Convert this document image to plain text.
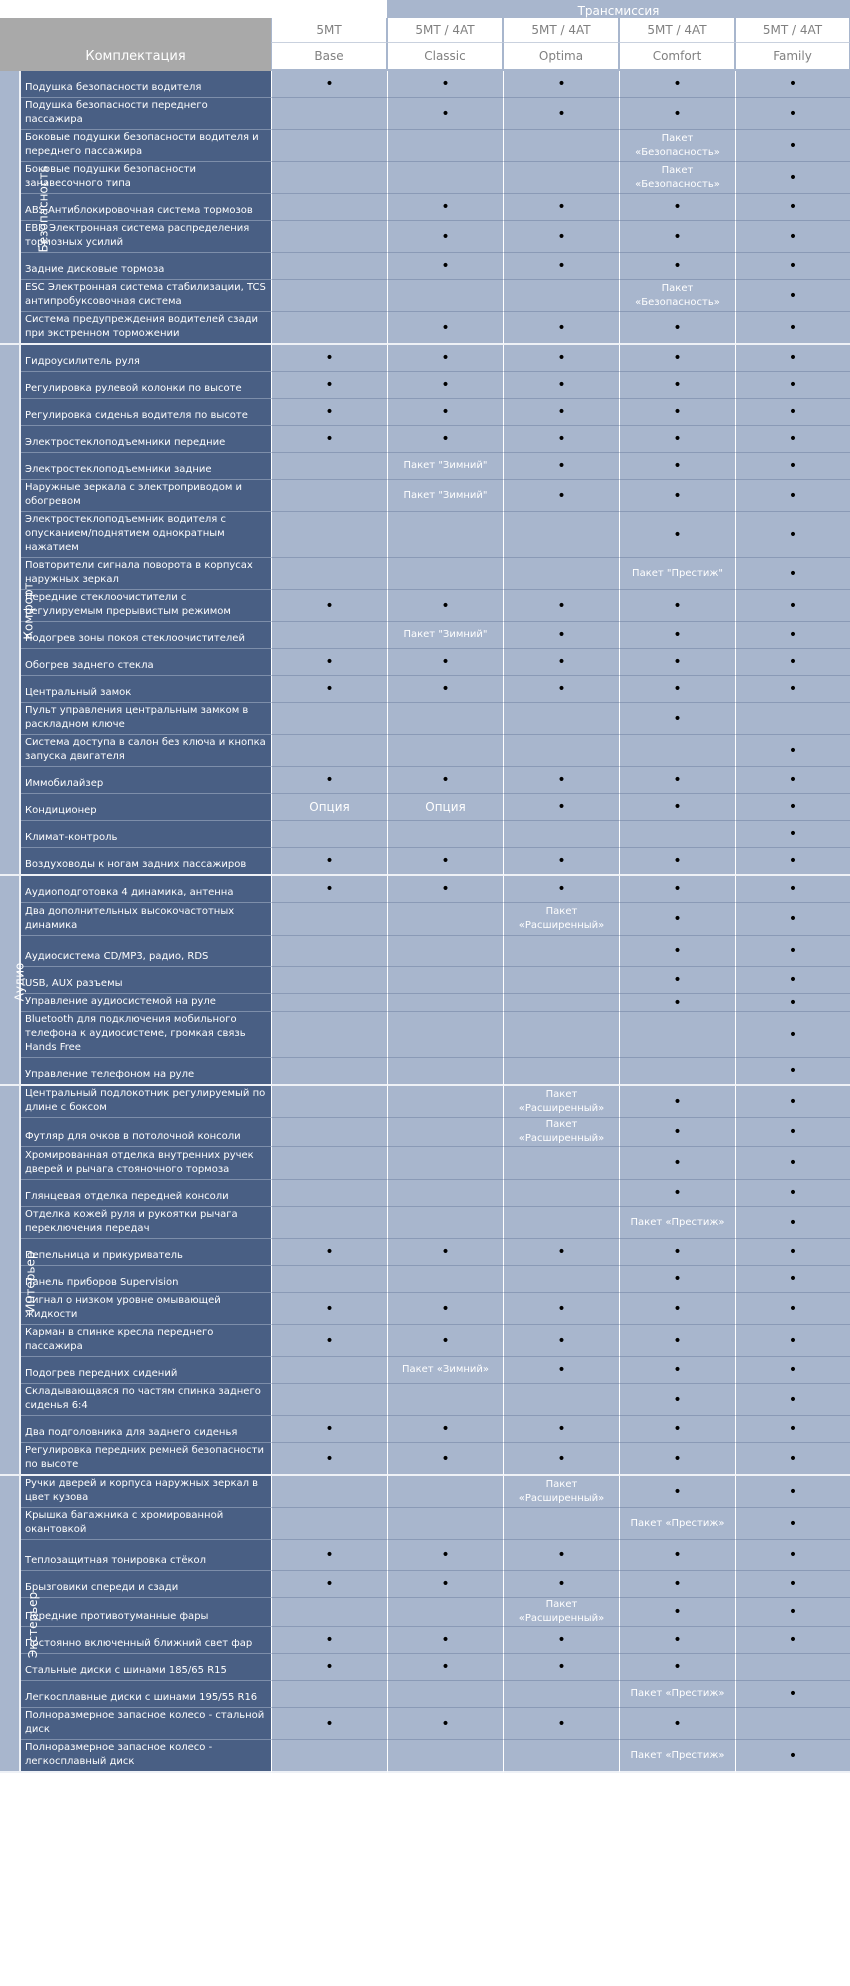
			Трансмиссия			
Комплектация		5MT	5MT / 4AT	5MT / 4AT	5MT / 4AT	5MT / 4AT
		Base	Classic	Optima	Comfort	Family
Безопасность	Подушка безопасности водителя	•	•	•	•	•
	Подушка безопасности переднего пассажира		•	•	•	•
	Боковые подушки безопасности водителя и переднего пассажира				Пакет «Безопасность»	•
	Боковые подушки безопасности занавесочного типа				Пакет «Безопасность»	•
	ABS Антиблокировочная система тормозов		•	•	•	•
	EBD Электронная система распределения тормозных усилий		•	•	•	•
	Задние дисковые тормоза		•	•	•	•
	ESC Электронная система стабилизации, TCS антипробуксовочная система				Пакет «Безопасность»	•
	Система предупреждения водителей сзади при экстренном торможении		•	•	•	•
Комфорт	Гидроусилитель руля	•	•	•	•	•
	Регулировка рулевой колонки по высоте	•	•	•	•	•
	Регулировка сиденья водителя по высоте	•	•	•	•	•
	Электростеклоподъемники передние	•	•	•	•	•
	Электростеклоподъемники задние		Пакет "Зимний"	•	•	•
	Наружные зеркала с электроприводом и обогревом		Пакет "Зимний"	•	•	•
	Электростеклоподъемник водителя с опусканием/поднятием однократным нажатием				•	•
	Повторители сигнала поворота в корпусах наружных зеркал				Пакет "Престиж"	•
	Передние стеклоочистители с регулируемым прерывистым режимом	•	•	•	•	•
	Подогрев зоны покоя стеклоочистителей		Пакет "Зимний"	•	•	•
	Обогрев заднего стекла	•	•	•	•	•
	Центральный замок	•	•	•	•	•
	Пульт управления центральным замком в раскладном ключе				•	
	Система доступа в салон без ключа и кнопка запуска двигателя					•
	Иммобилайзер	•	•	•	•	•
	Кондиционер	Опция	Опция	•	•	•
	Климат-контроль					•
	Воздуховоды к ногам задних пассажиров	•	•	•	•	•
Аудио	Аудиоподготовка 4 динамика, антенна	•	•	•	•	•
	Два дополнительных высокочастотных динамика			Пакет «Расширенный»	•	•
	Аудиосистема CD/MP3, радио, RDS				•	•
	USB, AUX разъемы				•	•
	Управление аудиосистемой на руле				•	•
	Bluetooth для подключения мобильного телефона к аудиосистеме, громкая связь Hands Free					•
	Управление телефоном на руле					•
Интерьер	Центральный подлокотник регулируемый по длине с боксом			Пакет «Расширенный»	•	•
	Футляр для очков в потолочной консоли			Пакет «Расширенный»	•	•
	Хромированная отделка внутренних ручек дверей и рычага стояночного тормоза				•	•
	Глянцевая отделка передней консоли				•	•
	Отделка кожей руля и рукоятки рычага переключения передач				Пакет «Престиж»	•
	Пепельница и прикуриватель	•	•	•	•	•
	Панель приборов Supervision				•	•
	Сигнал о низком уровне омывающей жидкости	•	•	•	•	•
	Карман в спинке кресла переднего пассажира	•	•	•	•	•
	Подогрев передних сидений		Пакет «Зимний»	•	•	•
	Складывающаяся по частям спинка заднего сиденья 6:4				•	•
	Два подголовника для заднего сиденья	•	•	•	•	•
	Регулировка передних ремней безопасности по высоте	•	•	•	•	•
Экстерьер	Ручки дверей и корпуса наружных зеркал в цвет кузова			Пакет «Расширенный»	•	•
	Крышка багажника с хромированной окантовкой				Пакет «Престиж»	•
	Теплозащитная тонировка стёкол	•	•	•	•	•
	Брызговики спереди и сзади	•	•	•	•	•
	Передние противотуманные фары			Пакет «Расширенный»	•	•
	Постоянно включенный ближний свет фар	•	•	•	•	•
	Стальные диски с шинами 185/65 R15	•	•	•	•	
	Легкосплавные диски с шинами 195/55 R16				Пакет «Престиж»	•
	Полноразмерное запасное колесо - стальной диск	•	•	•	•	
	Полноразмерное запасное колесо - легкосплавный диск				Пакет «Престиж»	•
